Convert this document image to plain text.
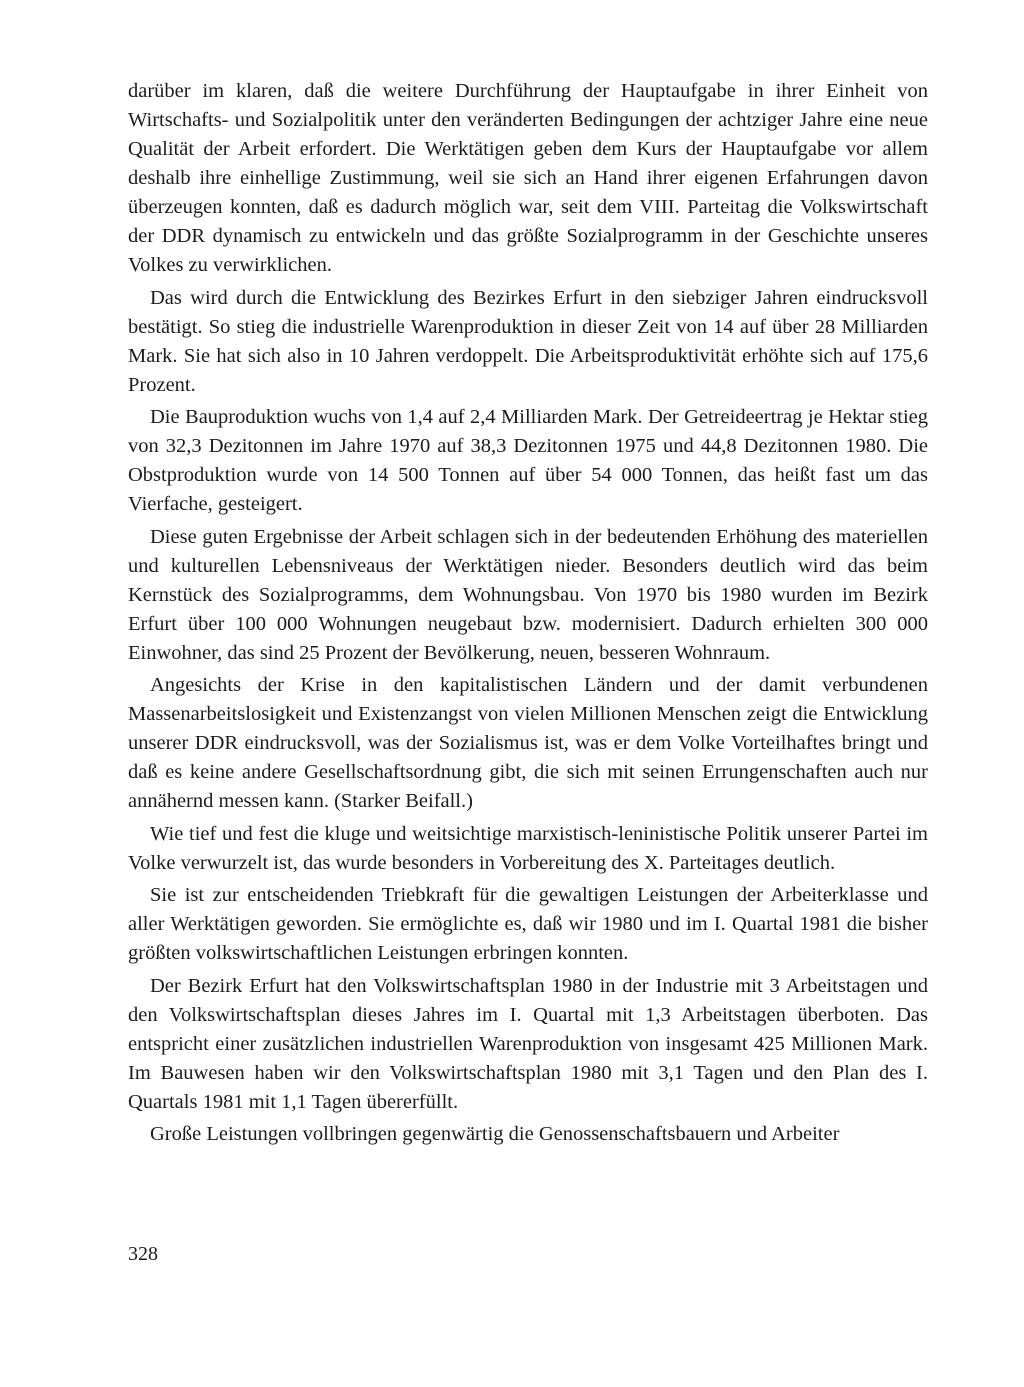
darüber im klaren, daß die weitere Durchführung der Hauptaufgabe in ihrer Einheit von Wirtschafts- und Sozialpolitik unter den veränderten Bedingungen der achtziger Jahre eine neue Qualität der Arbeit erfordert. Die Werktätigen geben dem Kurs der Hauptaufgabe vor allem deshalb ihre einhellige Zustimmung, weil sie sich an Hand ihrer eigenen Erfahrungen davon überzeugen konnten, daß es dadurch möglich war, seit dem VIII. Parteitag die Volkswirtschaft der DDR dynamisch zu entwickeln und das größte Sozialprogramm in der Geschichte unseres Volkes zu verwirklichen.

Das wird durch die Entwicklung des Bezirkes Erfurt in den siebziger Jahren eindrucksvoll bestätigt. So stieg die industrielle Warenproduktion in dieser Zeit von 14 auf über 28 Milliarden Mark. Sie hat sich also in 10 Jahren verdoppelt. Die Arbeitsproduktivität erhöhte sich auf 175,6 Prozent.

Die Bauproduktion wuchs von 1,4 auf 2,4 Milliarden Mark. Der Getreideertrag je Hektar stieg von 32,3 Dezitonnen im Jahre 1970 auf 38,3 Dezitonnen 1975 und 44,8 Dezitonnen 1980. Die Obstproduktion wurde von 14 500 Tonnen auf über 54 000 Tonnen, das heißt fast um das Vierfache, gesteigert.

Diese guten Ergebnisse der Arbeit schlagen sich in der bedeutenden Erhöhung des materiellen und kulturellen Lebensniveaus der Werktätigen nieder. Besonders deutlich wird das beim Kernstück des Sozialprogramms, dem Wohnungsbau. Von 1970 bis 1980 wurden im Bezirk Erfurt über 100 000 Wohnungen neugebaut bzw. modernisiert. Dadurch erhielten 300 000 Einwohner, das sind 25 Prozent der Bevölkerung, neuen, besseren Wohnraum.

Angesichts der Krise in den kapitalistischen Ländern und der damit verbundenen Massenarbeitslosigkeit und Existenzangst von vielen Millionen Menschen zeigt die Entwicklung unserer DDR eindrucksvoll, was der Sozialismus ist, was er dem Volke Vorteilhaftes bringt und daß es keine andere Gesellschaftsordnung gibt, die sich mit seinen Errungenschaften auch nur annähernd messen kann. (Starker Beifall.)

Wie tief und fest die kluge und weitsichtige marxistisch-leninistische Politik unserer Partei im Volke verwurzelt ist, das wurde besonders in Vorbereitung des X. Parteitages deutlich.

Sie ist zur entscheidenden Triebkraft für die gewaltigen Leistungen der Arbeiterklasse und aller Werktätigen geworden. Sie ermöglichte es, daß wir 1980 und im I. Quartal 1981 die bisher größten volkswirtschaftlichen Leistungen erbringen konnten.

Der Bezirk Erfurt hat den Volkswirtschaftsplan 1980 in der Industrie mit 3 Arbeitstagen und den Volkswirtschaftsplan dieses Jahres im I. Quartal mit 1,3 Arbeitstagen überboten. Das entspricht einer zusätzlichen industriellen Warenproduktion von insgesamt 425 Millionen Mark. Im Bauwesen haben wir den Volkswirtschaftsplan 1980 mit 3,1 Tagen und den Plan des I. Quartals 1981 mit 1,1 Tagen übererfüllt.

Große Leistungen vollbringen gegenwärtig die Genossenschaftsbauern und Arbeiter

328
